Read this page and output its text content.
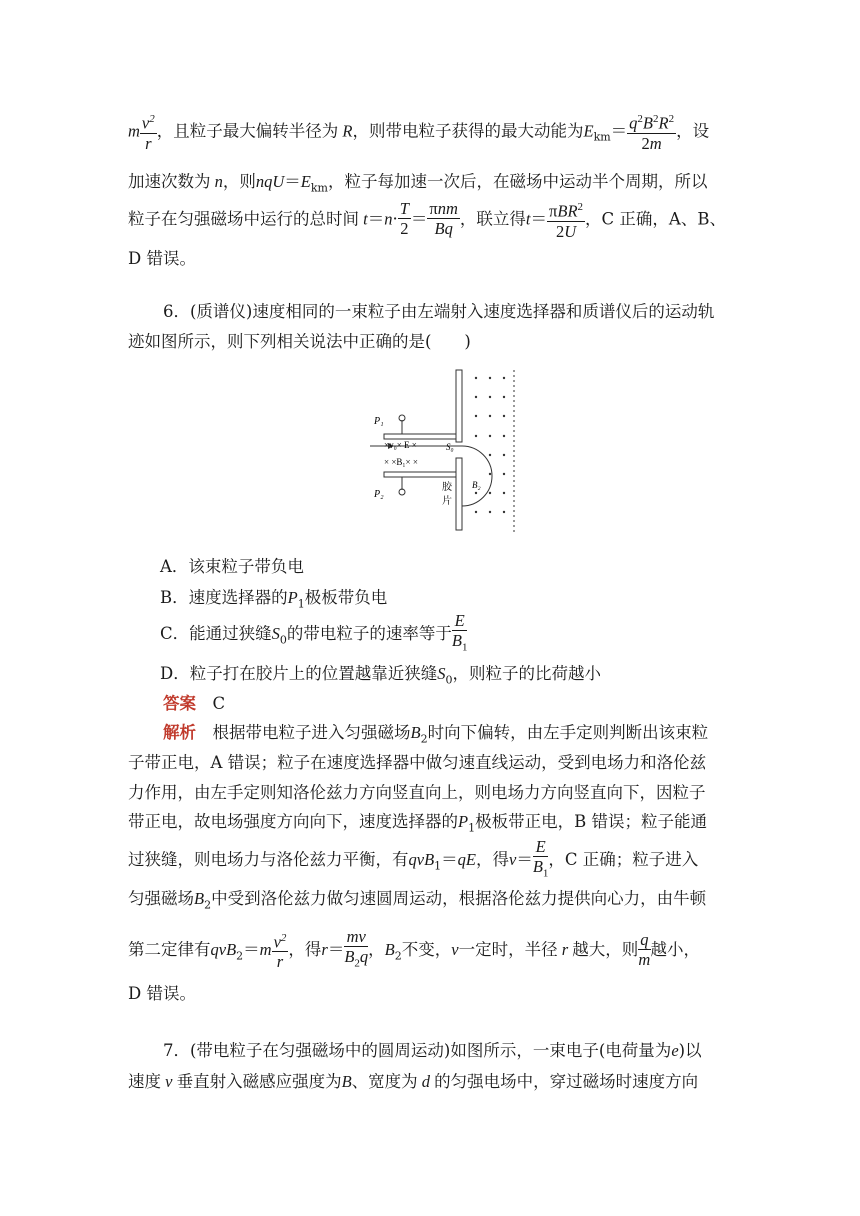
m $\frac{v^2}{r}$ ，且粒子最大偏转半径为 R，则带电粒子获得的最大动能为$E_{km}= \frac{q^2B^2R^2}{2m}$ ，设
加速次数为 n，则$nqU=E_{km}$，粒子每加速一次后，在磁场中运动半个周期，所以
粒子在匀强磁场中运行的总时间 $t=n\cdot \frac{T}{2}$ ＝
πnm
Bq
，联立得t＝ πBR$^2$
2U
，C 正确，A、B、
D 错误。
6．(质谱仪)速度相同的一束粒子由左端射入速度选择器和质谱仪后的运动轨
迹如图所示，则下列相关说法中正确的是(　　)
P₁
P₂
×v₀× E ×
× ×B₁× ×
S₀
B₂
胶
片
A．该束粒子带负电
B．速度选择器的$P_1$极板带负电
C．能通过狭缝$S_0$的带电粒子的速率等于 $\frac{E}{B_1}$
D．粒子打在胶片上的位置越靠近狭缝$S_0$，则粒子的比荷越小
答案　 C
解析　 根据带电粒子进入匀强磁场$B_2$时向下偏转，由左手定则判断出该束粒
子带正电，A 错误；粒子在速度选择器中做匀速直线运动，受到电场力和洛伦兹
力作用，由左手定则知洛伦兹力方向竖直向上，则电场力方向竖直向下，因粒子
带正电，故电场强度方向向下，速度选择器的$P_1$极板带正电，B 错误；粒子能通
过狭缝，则电场力与洛伦兹力平衡，有qvB$_1$＝qE，得$v= \frac{E}{B_1}$ ，C 正确；粒子进入
匀强磁场$B_2$中受到洛伦兹力做匀速圆周运动，根据洛伦兹力提供向心力，由牛顿
第二定律有$qvB_2=m \frac{v^2}{r}$ ，得$r= \frac{mv}{B_2q}$ ，$B_2$不变，v一定时，半径 r 越大，则 $\frac{q}{m}$ 越小，
D 错误。
7．(带电粒子在匀强磁场中的圆周运动)如图所示，一束电子(电荷量为e)以
速度 v 垂直射入磁感应强度为B、宽度为 d 的匀强电场中，穿过磁场时速度方向
